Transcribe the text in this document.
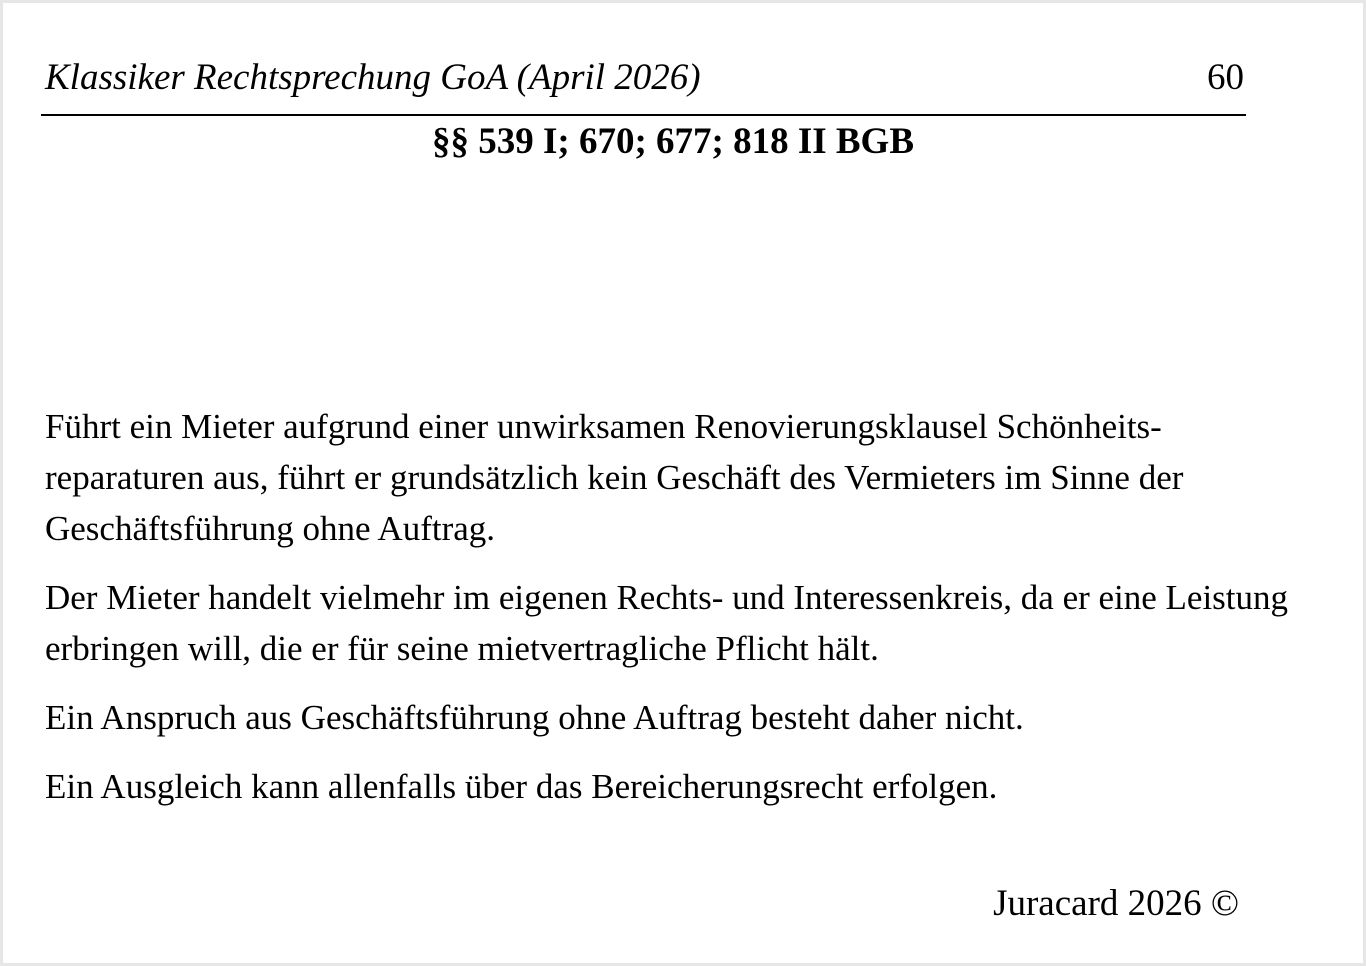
Klassiker Rechtsprechung GoA (April 2026)	60
§§ 539 I; 670; 677; 818 II BGB

Führt ein Mieter aufgrund einer unwirksamen Renovierungsklausel Schönheits-reparaturen aus, führt er grundsätzlich kein Geschäft des Vermieters im Sinne der Geschäftsführung ohne Auftrag.

Der Mieter handelt vielmehr im eigenen Rechts- und Interessenkreis, da er eine Leistung erbringen will, die er für seine mietvertragliche Pflicht hält.

Ein Anspruch aus Geschäftsführung ohne Auftrag besteht daher nicht.

Ein Ausgleich kann allenfalls über das Bereicherungsrecht erfolgen.

Juracard 2026 ©
